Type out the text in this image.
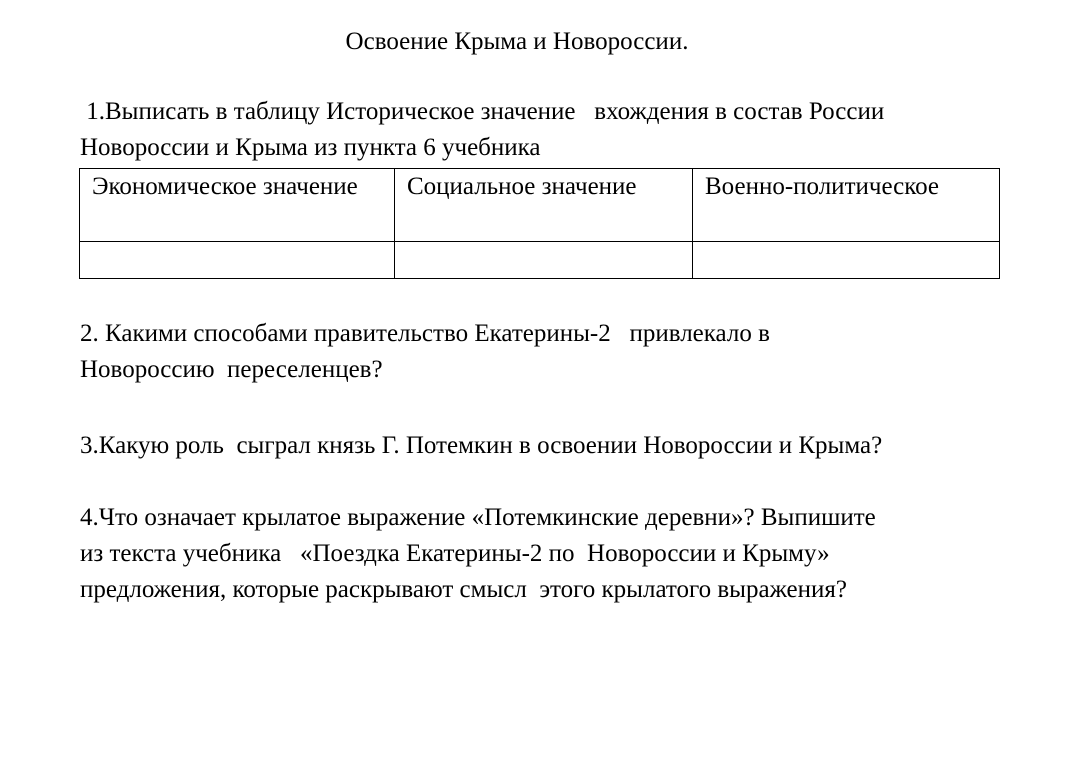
Освоение Крыма и Новороссии.
1.Выписать в таблицу Историческое значение   вхождения в состав России
Новороссии и Крыма из пункта 6 учебника
Экономическое значение	Социальное значение	Военно-политическое

2. Какими способами правительство Екатерины-2   привлекало в
Новороссию  переселенцев?
3.Какую роль  сыграл князь Г. Потемкин в освоении Новороссии и Крыма?
4.Что означает крылатое выражение «Потемкинские деревни»? Выпишите
из текста учебника   «Поездка Екатерины-2 по  Новороссии и Крыму»
предложения, которые раскрывают смысл  этого крылатого выражения?
